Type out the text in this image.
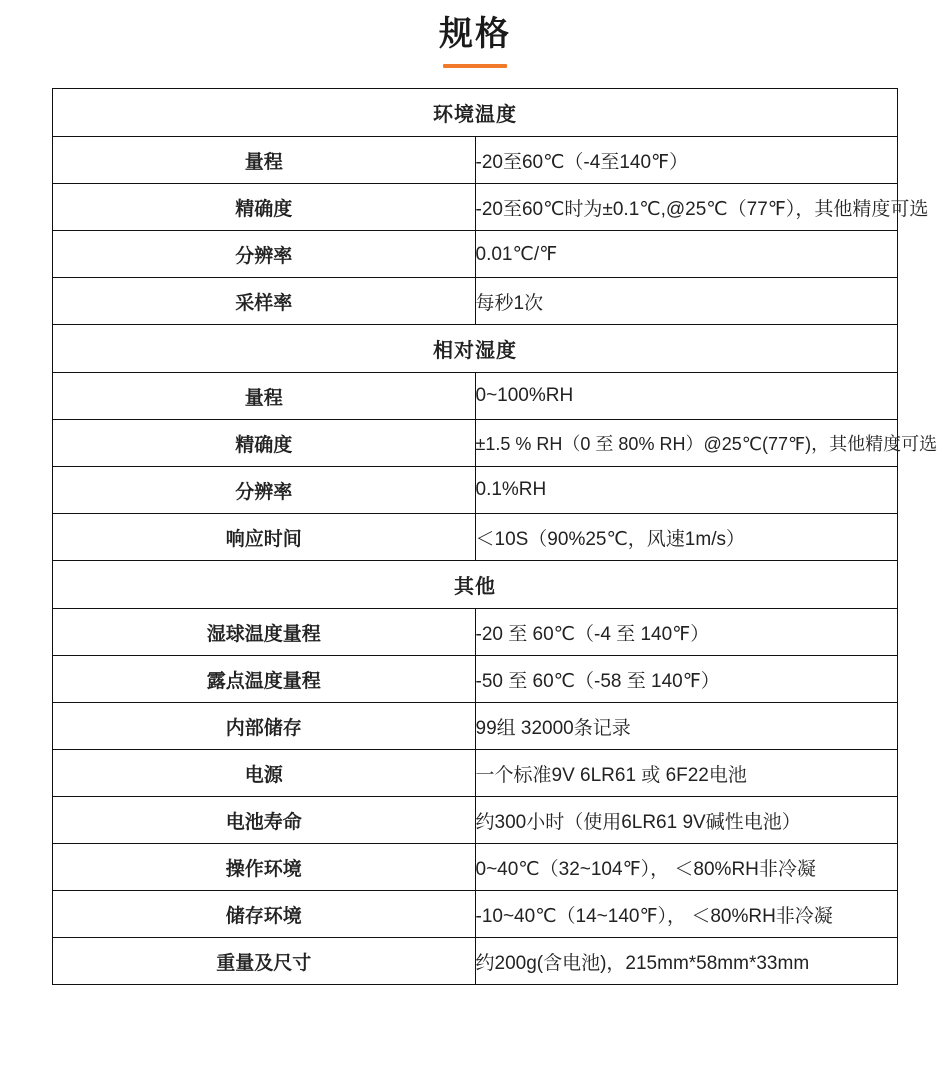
规格
环境温度	
量程	-20至60℃（-4至140℉）
精确度	-20至60℃时为±0.1℃,@25℃（77℉），其他精度可选
分辨率	0.01℃/℉
采样率	每秒1次
相对湿度	
量程	0~100%RH
精确度	±1.5 % RH（0 至 80% RH）@25℃(77℉)，其他精度可选
分辨率	0.1%RH
响应时间	＜10S（90%25℃，风速1m/s）
其他	
湿球温度量程	-20 至 60℃（-4 至 140℉）
露点温度量程	-50 至 60℃（-58 至 140℉）
内部储存	99组 32000条记录
电源	一个标准9V 6LR61 或 6F22电池
电池寿命	约300小时（使用6LR61 9V碱性电池）
操作环境	0~40℃（32~104℉）， ＜80%RH非冷凝
储存环境	-10~40℃（14~140℉）， ＜80%RH非冷凝
重量及尺寸	约200g(含电池)，215mm*58mm*33mm
